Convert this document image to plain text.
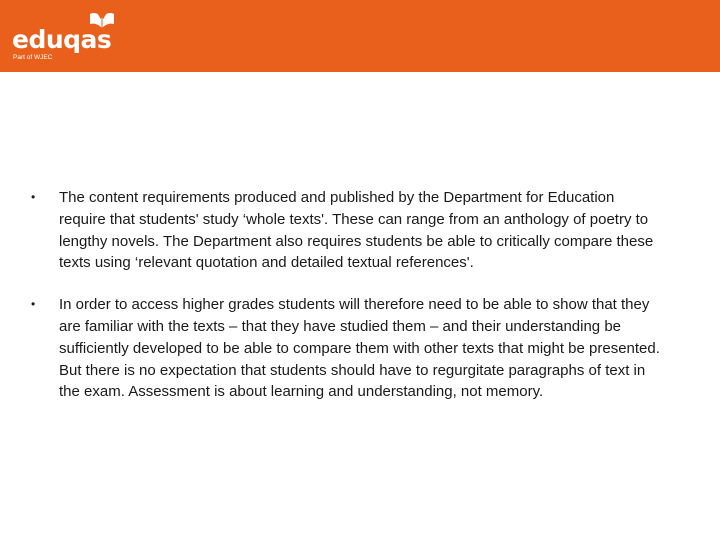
eduqas
Part of WJEC
• The content requirements produced and published by the Department for Education require that students' study ‘whole texts'. These can range from an anthology of poetry to lengthy novels. The Department also requires students be able to critically compare these texts using ‘relevant quotation and detailed textual references'.
• In order to access higher grades students will therefore need to be able to show that they are familiar with the texts – that they have studied them – and their understanding be sufficiently developed to be able to compare them with other texts that might be presented. But there is no expectation that students should have to regurgitate paragraphs of text in the exam. Assessment is about learning and understanding, not memory.
